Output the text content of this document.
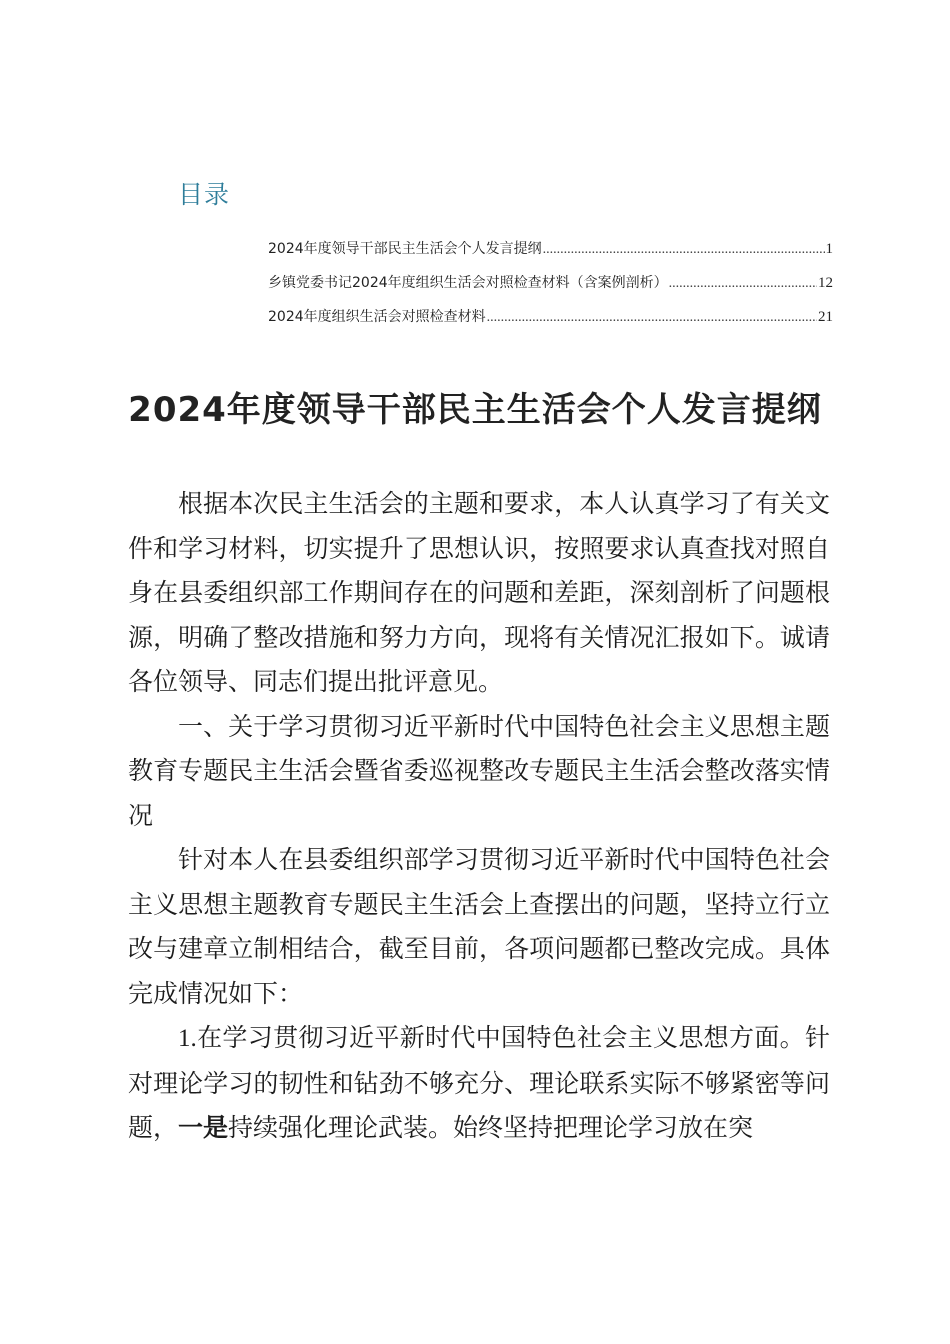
目录
2024年度领导干部民主生活会个人发言提纲 .....	1
乡镇党委书记2024年度组织生活会对照检查材料（含案例剖析） .....	12
2024年度组织生活会对照检查材料 .....	21
2024年度领导干部民主生活会个人发言提纲

根据本次民主生活会的主题和要求，本人认真学习了有关文件和学习材料，切实提升了思想认识，按照要求认真查找对照自身在县委组织部工作期间存在的问题和差距，深刻剖析了问题根源，明确了整改措施和努力方向，现将有关情况汇报如下。诚请各位领导、同志们提出批评意见。

一、关于学习贯彻习近平新时代中国特色社会主义思想主题教育专题民主生活会暨省委巡视整改专题民主生活会整改落实情况

针对本人在县委组织部学习贯彻习近平新时代中国特色社会主义思想主题教育专题民主生活会上查摆出的问题，坚持立行立改与建章立制相结合，截至目前，各项问题都已整改完成。具体完成情况如下：

1.在学习贯彻习近平新时代中国特色社会主义思想方面。针对理论学习的韧性和钻劲不够充分、理论联系实际不够紧密等问题，一是持续强化理论武装。始终坚持把理论学习放在突
